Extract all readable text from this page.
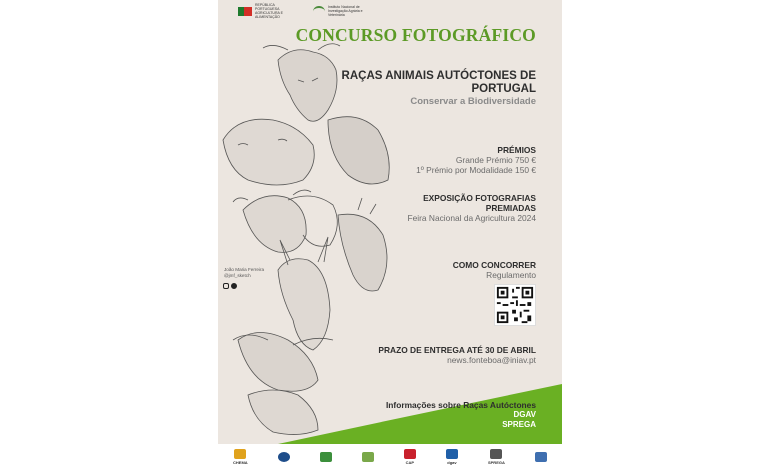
REPÚBLICA PORTUGUESA
AGRICULTURA E ALIMENTAÇÃO
Instituto Nacional de Investigação Agrária e Veterinária
CONCURSO FOTOGRÁFICO
João Maria Ferreira
@jmf_sketch
RAÇAS ANIMAIS AUTÓCTONES DE
PORTUGAL
Conservar a Biodiversidade
PRÉMIOS
Grande Prémio 750 €
1º Prémio por Modalidade 150 €
EXPOSIÇÃO FOTOGRAFIAS
PREMIADAS
Feira Nacional da Agricultura 2024
COMO CONCORRER
Regulamento
PRAZO DE ENTREGA ATÉ 30 DE ABRIL
news.fonteboa@iniav.pt
Informações sobre Raças Autóctones
DGAV
SPREGA
CHEMA	CAP	dgav	SPREGA
